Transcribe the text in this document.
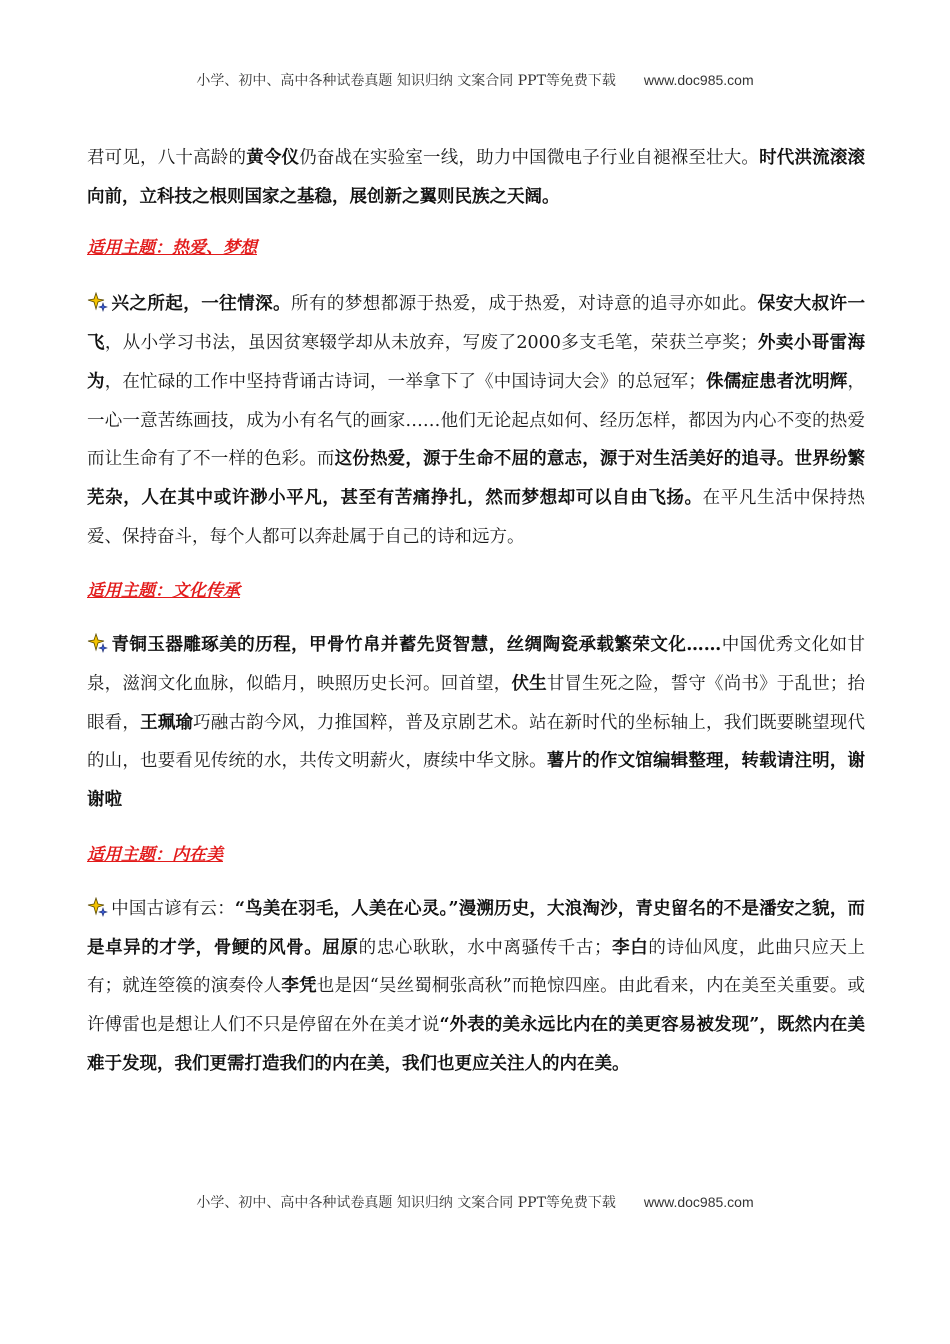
小学、初中、高中各种试卷真题 知识归纳 文案合同 PPT等免费下载 www.doc985.com

君可见，八十高龄的黄令仪仍奋战在实验室一线，助力中国微电子行业自褪褓至壮大。时代洪流滚滚向前，立科技之根则国家之基稳，展创新之翼则民族之天阔。

适用主题：热爱、梦想

兴之所起，一往情深。所有的梦想都源于热爱，成于热爱，对诗意的追寻亦如此。保安大叔许一飞，从小学习书法，虽因贫寒辍学却从未放弃，写废了2000多支毛笔，荣获兰亭奖；外卖小哥雷海为，在忙碌的工作中坚持背诵古诗词，一举拿下了《中国诗词大会》的总冠军；侏儒症患者沈明辉，一心一意苦练画技，成为小有名气的画家……他们无论起点如何、经历怎样，都因为内心不变的热爱而让生命有了不一样的色彩。而这份热爱，源于生命不屈的意志，源于对生活美好的追寻。世界纷繁芜杂，人在其中或许渺小平凡，甚至有苦痛挣扎，然而梦想却可以自由飞扬。在平凡生活中保持热爱、保持奋斗，每个人都可以奔赴属于自己的诗和远方。

适用主题：文化传承

青铜玉器雕琢美的历程，甲骨竹帛并蓄先贤智慧，丝绸陶瓷承载繁荣文化……中国优秀文化如甘泉，滋润文化血脉，似皓月，映照历史长河。回首望，伏生甘冒生死之险，誓守《尚书》于乱世；抬眼看，王珮瑜巧融古韵今风，力推国粹，普及京剧艺术。站在新时代的坐标轴上，我们既要眺望现代的山，也要看见传统的水，共传文明薪火，赓续中华文脉。薯片的作文馆编辑整理，转载请注明，谢谢啦

适用主题：内在美

中国古谚有云：“鸟美在羽毛，人美在心灵。”漫溯历史，大浪淘沙，青史留名的不是潘安之貌，而是卓异的才学，骨鲠的风骨。屈原的忠心耿耿，水中离骚传千古；李白的诗仙风度，此曲只应天上有；就连箜篌的演奏伶人李凭也是因“吴丝蜀桐张高秋”而艳惊四座。由此看来，内在美至关重要。或许傅雷也是想让人们不只是停留在外在美才说“外表的美永远比内在的美更容易被发现”，既然内在美难于发现，我们更需打造我们的内在美，我们也更应关注人的内在美。

小学、初中、高中各种试卷真题 知识归纳 文案合同 PPT等免费下载 www.doc985.com
